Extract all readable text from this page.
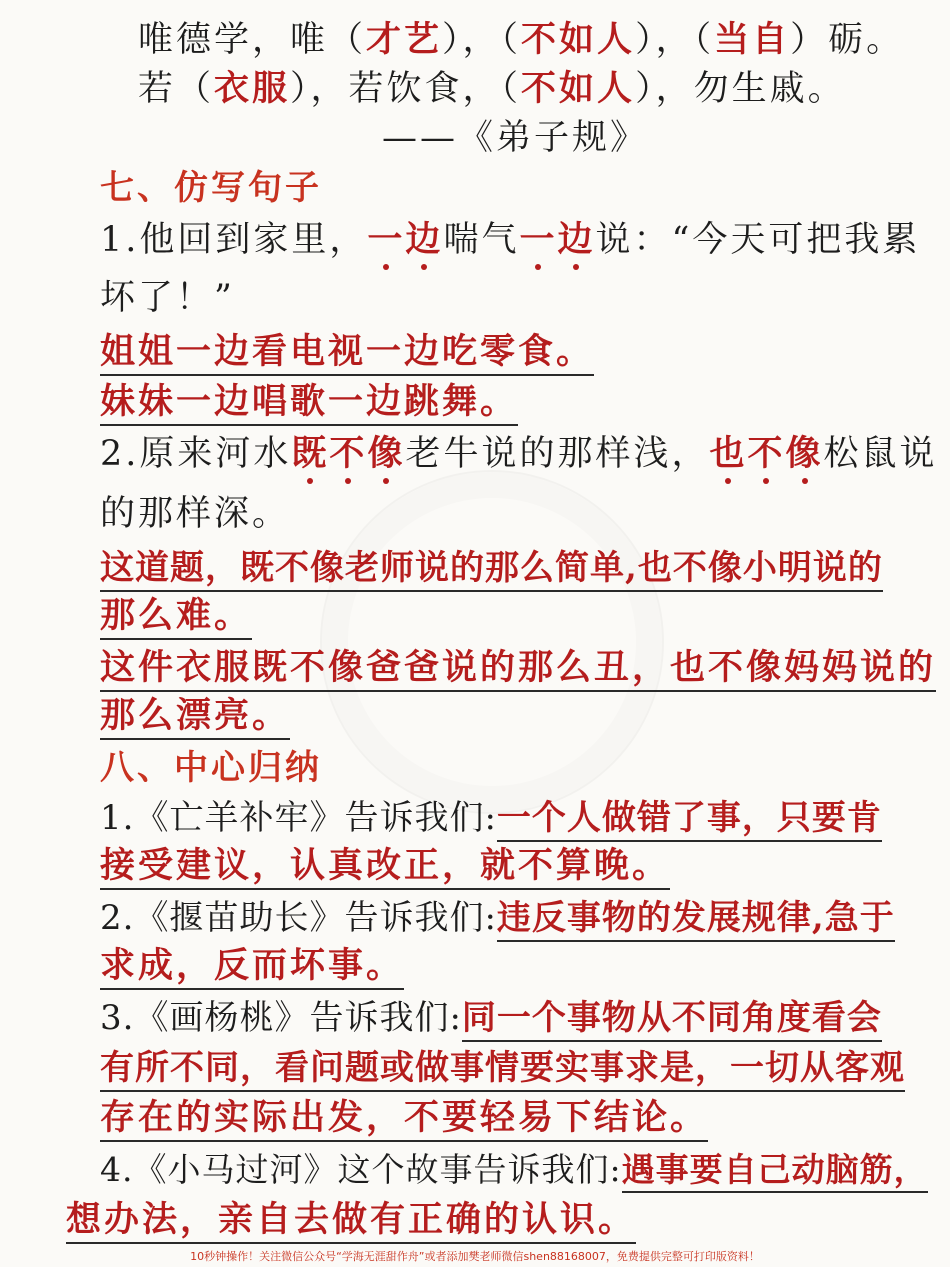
唯德学，唯（才艺），（不如人），（当自）砺。
若（衣服），若饮食，（不如人），勿生戚。
——《弟子规》
七、仿写句子
1.他回到家里，一边喘气一边说：“今天可把我累
坏了！”
姐姐一边看电视一边吃零食。
妹妹一边唱歌一边跳舞。
2.原来河水既不像老牛说的那样浅，也不像松鼠说
的那样深。
这道题，既不像老师说的那么简单,也不像小明说的
那么难。
这件衣服既不像爸爸说的那么丑，也不像妈妈说的
那么漂亮。
八、中心归纳
1.《亡羊补牢》告诉我们:一个人做错了事，只要肯
接受建议，认真改正，就不算晚。
2.《揠苗助长》告诉我们:违反事物的发展规律,急于
求成，反而坏事。
3.《画杨桃》告诉我们:同一个事物从不同角度看会
有所不同，看问题或做事情要实事求是，一切从客观
存在的实际出发，不要轻易下结论。
4.《小马过河》这个故事告诉我们:遇事要自己动脑筋，
想办法，亲自去做有正确的认识。
10秒钟操作！关注微信公众号“学海无涯甜作舟”或者添加樊老师微信shen88168007，免费提供完整可打印版资料！
